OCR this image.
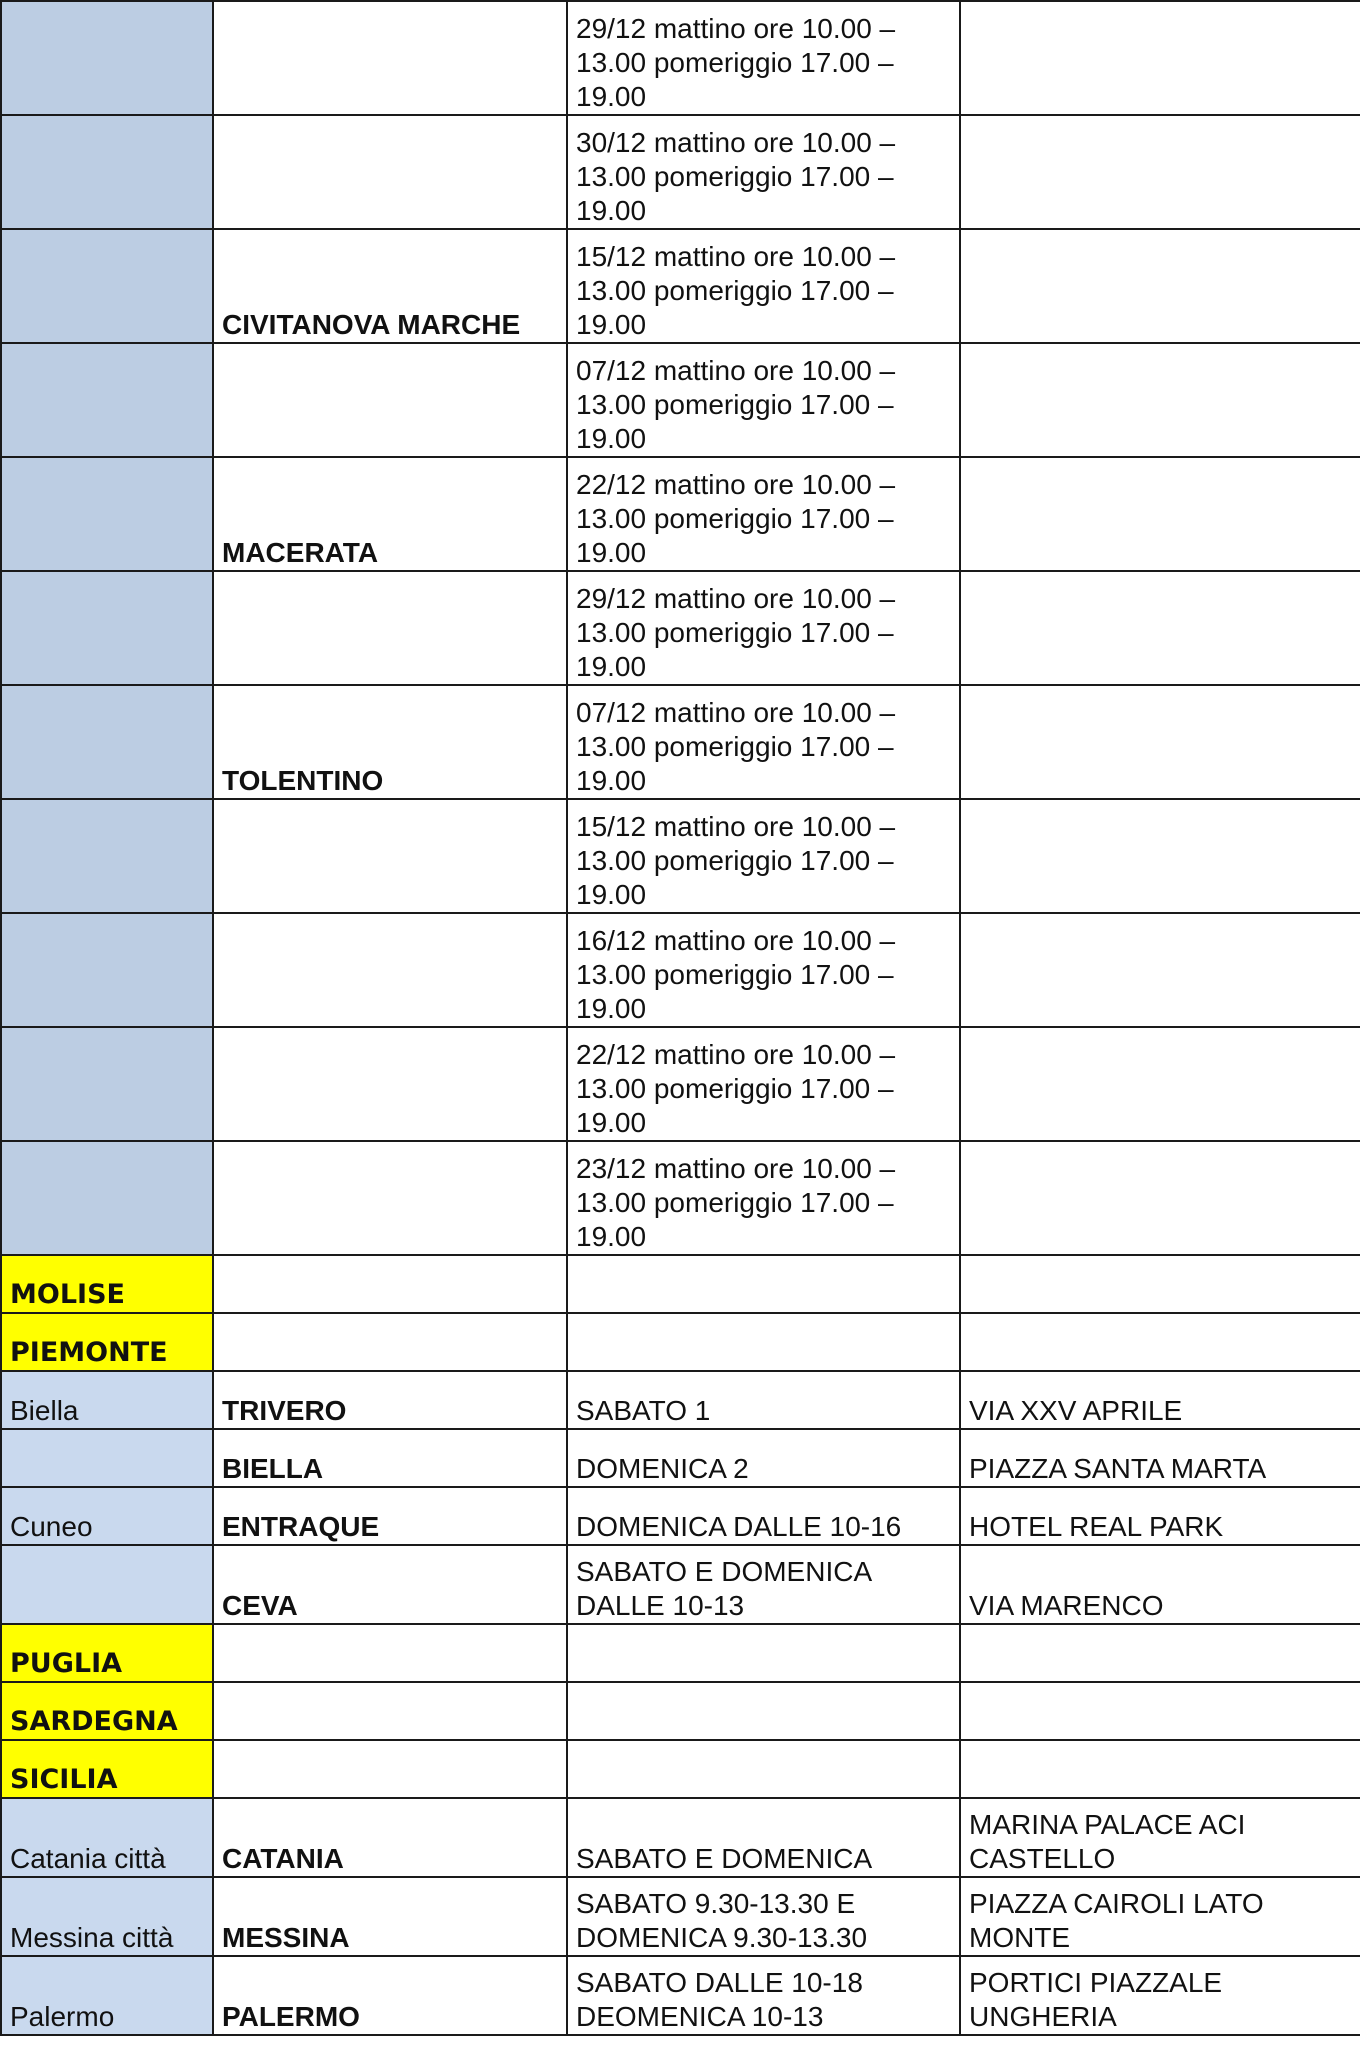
		29/12 mattino ore 10.00 – 13.00 pomeriggio 17.00 – 19.00	
		30/12 mattino ore 10.00 – 13.00 pomeriggio 17.00 – 19.00	
	CIVITANOVA MARCHE	15/12 mattino ore 10.00 – 13.00 pomeriggio 17.00 – 19.00	
		07/12 mattino ore 10.00 – 13.00 pomeriggio 17.00 – 19.00	
	MACERATA	22/12 mattino ore 10.00 – 13.00 pomeriggio 17.00 – 19.00	
		29/12 mattino ore 10.00 – 13.00 pomeriggio 17.00 – 19.00	
	TOLENTINO	07/12 mattino ore 10.00 – 13.00 pomeriggio 17.00 – 19.00	
		15/12 mattino ore 10.00 – 13.00 pomeriggio 17.00 – 19.00	
		16/12 mattino ore 10.00 – 13.00 pomeriggio 17.00 – 19.00	
		22/12 mattino ore 10.00 – 13.00 pomeriggio 17.00 – 19.00	
		23/12 mattino ore 10.00 – 13.00 pomeriggio 17.00 – 19.00	
MOLISE			
PIEMONTE			
Biella	TRIVERO	SABATO 1	VIA XXV APRILE
	BIELLA	DOMENICA 2	PIAZZA SANTA MARTA
Cuneo	ENTRAQUE	DOMENICA DALLE 10-16	HOTEL REAL PARK
	CEVA	SABATO E DOMENICA DALLE 10-13	VIA MARENCO
PUGLIA			
SARDEGNA			
SICILIA			
Catania città	CATANIA	SABATO E DOMENICA	MARINA PALACE ACI CASTELLO
Messina città	MESSINA	SABATO 9.30-13.30 E DOMENICA 9.30-13.30	PIAZZA CAIROLI LATO MONTE
Palermo	PALERMO	SABATO DALLE 10-18 DEOMENICA 10-13	PORTICI PIAZZALE UNGHERIA
